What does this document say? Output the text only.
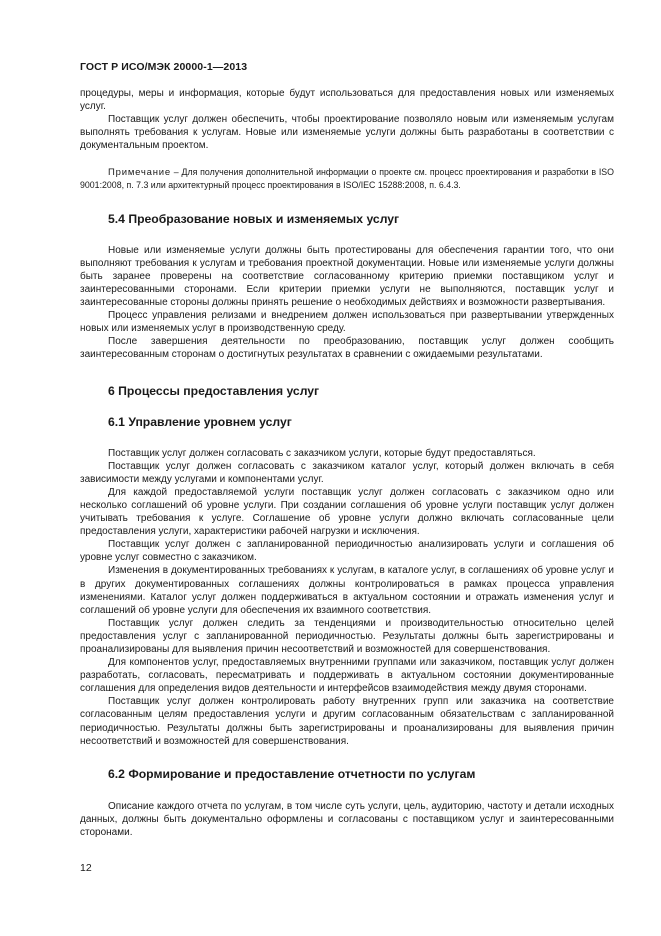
ГОСТ Р ИСО/МЭК 20000-1—2013

процедуры, меры и информация, которые будут использоваться для предоставления новых или изменяемых услуг.

Поставщик услуг должен обеспечить, чтобы проектирование позволяло новым или изменяемым услугам выполнять требования к услугам. Новые или изменяемые услуги должны быть разработаны в соответствии с документальным проектом.

Примечание – Для получения дополнительной информации о проекте см. процесс проектирования и разработки в ISO 9001:2008, п. 7.3 или архитектурный процесс проектирования в ISO/IEC 15288:2008, п. 6.4.3.

5.4 Преобразование новых и изменяемых услуг

Новые или изменяемые услуги должны быть протестированы для обеспечения гарантии того, что они выполняют требования к услугам и требования проектной документации. Новые или изменяемые услуги должны быть заранее проверены на соответствие согласованному критерию приемки поставщиком услуг и заинтересованными сторонами. Если критерии приемки услуги не выполняются, поставщик услуг и заинтересованные стороны должны принять решение о необходимых действиях и возможности развертывания.

Процесс управления релизами и внедрением должен использоваться при развертывании утвержденных новых или изменяемых услуг в производственную среду.

После завершения деятельности по преобразованию, поставщик услуг должен сообщить заинтересованным сторонам о достигнутых результатах в сравнении с ожидаемыми результатами.

6 Процессы предоставления услуг
6.1 Управление уровнем услуг

Поставщик услуг должен согласовать с заказчиком услуги, которые будут предоставляться.

Поставщик услуг должен согласовать с заказчиком каталог услуг, который должен включать в себя зависимости между услугами и компонентами услуг.

Для каждой предоставляемой услуги поставщик услуг должен согласовать с заказчиком одно или несколько соглашений об уровне услуги. При создании соглашения об уровне услуги поставщик услуг должен учитывать требования к услуге. Соглашение об уровне услуги должно включать согласованные цели предоставления услуги, характеристики рабочей нагрузки и исключения.

Поставщик услуг должен с запланированной периодичностью анализировать услуги и соглашения об уровне услуг совместно с заказчиком.

Изменения в документированных требованиях к услугам, в каталоге услуг, в соглашениях об уровне услуг и в других документированных соглашениях должны контролироваться в рамках процесса управления изменениями. Каталог услуг должен поддерживаться в актуальном состоянии и отражать изменения услуг и соглашений об уровне услуги для обеспечения их взаимного соответствия.

Поставщик услуг должен следить за тенденциями и производительностью относительно целей предоставления услуг с запланированной периодичностью. Результаты должны быть зарегистрированы и проанализированы для выявления причин несоответствий и возможностей для совершенствования.

Для компонентов услуг, предоставляемых внутренними группами или заказчиком, поставщик услуг должен разработать, согласовать, пересматривать и поддерживать в актуальном состоянии документированные соглашения для определения видов деятельности и интерфейсов взаимодействия между двумя сторонами.

Поставщик услуг должен контролировать работу внутренних групп или заказчика на соответствие согласованным целям предоставления услуги и другим согласованным обязательствам с запланированной периодичностью. Результаты должны быть зарегистрированы и проанализированы для выявления причин несоответствий и возможностей для совершенствования.

6.2 Формирование и предоставление отчетности по услугам

Описание каждого отчета по услугам, в том числе суть услуги, цель, аудиторию, частоту и детали исходных данных, должны быть документально оформлены и согласованы с поставщиком услуг и заинтересованными сторонами.

12
